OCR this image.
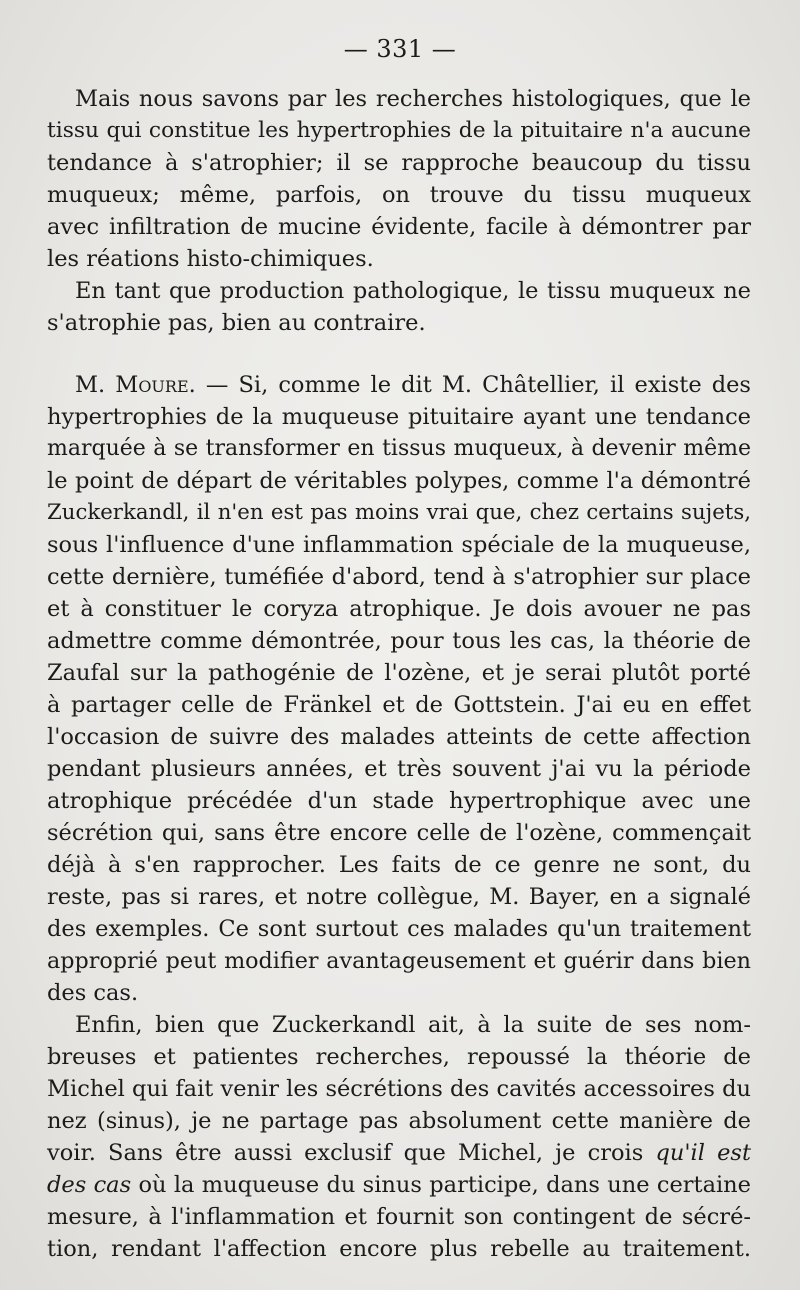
— 331 —
Mais nous savons par les recherches histologiques, que le
tissu qui constitue les hypertrophies de la pituitaire n'a aucune
tendance à s'atrophier; il se rapproche beaucoup du tissu
muqueux; même, parfois, on trouve du tissu muqueux
avec infiltration de mucine évidente, facile à démontrer par
les réations histo-chimiques.
En tant que production pathologique, le tissu muqueux ne
s'atrophie pas, bien au contraire.
M. Moure. — Si, comme le dit M. Châtellier, il existe des
hypertrophies de la muqueuse pituitaire ayant une tendance
marquée à se transformer en tissus muqueux, à devenir même
le point de départ de véritables polypes, comme l'a démontré
Zuckerkandl, il n'en est pas moins vrai que, chez certains sujets,
sous l'influence d'une inflammation spéciale de la muqueuse,
cette dernière, tuméfiée d'abord, tend à s'atrophier sur place
et à constituer le coryza atrophique. Je dois avouer ne pas
admettre comme démontrée, pour tous les cas, la théorie de
Zaufal sur la pathogénie de l'ozène, et je serai plutôt porté
à partager celle de Fränkel et de Gottstein. J'ai eu en effet
l'occasion de suivre des malades atteints de cette affection
pendant plusieurs années, et très souvent j'ai vu la période
atrophique précédée d'un stade hypertrophique avec une
sécrétion qui, sans être encore celle de l'ozène, commençait
déjà à s'en rapprocher. Les faits de ce genre ne sont, du
reste, pas si rares, et notre collègue, M. Bayer, en a signalé
des exemples. Ce sont surtout ces malades qu'un traitement
approprié peut modifier avantageusement et guérir dans bien
des cas.
Enfin, bien que Zuckerkandl ait, à la suite de ses nom-
breuses et patientes recherches, repoussé la théorie de
Michel qui fait venir les sécrétions des cavités accessoires du
nez (sinus), je ne partage pas absolument cette manière de
voir. Sans être aussi exclusif que Michel, je crois qu'il est
des cas où la muqueuse du sinus participe, dans une certaine
mesure, à l'inflammation et fournit son contingent de sécré-
tion, rendant l'affection encore plus rebelle au traitement.
